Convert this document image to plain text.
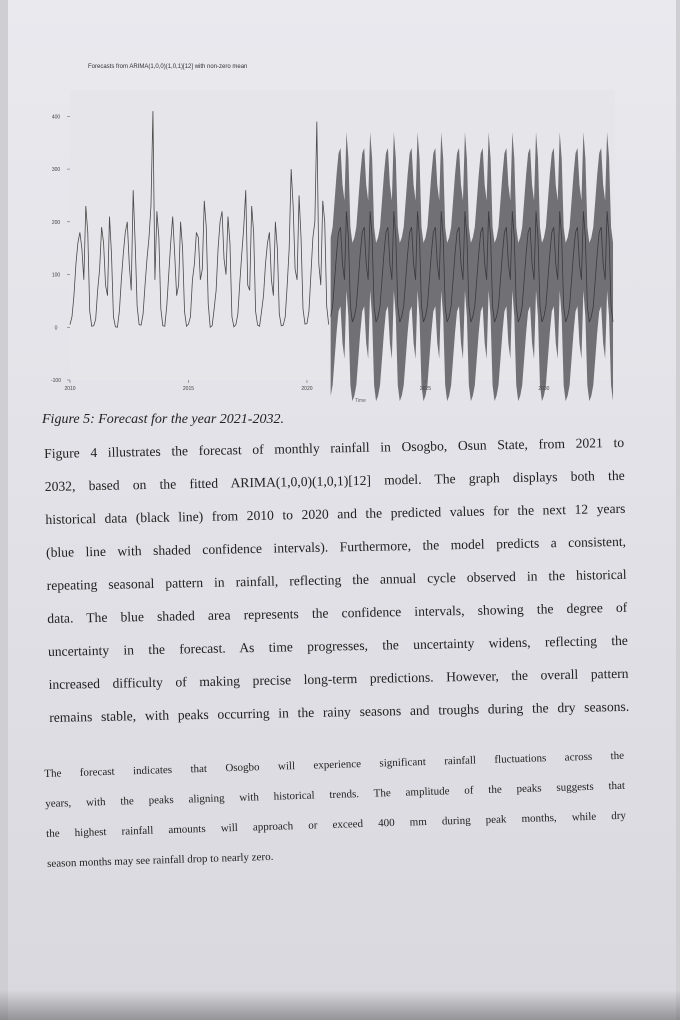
Forecasts from ARIMA(1,0,0)(1,0,1)[12] with non-zero mean
-100
0
100
200
300
400
2010	2015	2020	2025	2030
Time
Figure 5: Forecast for the year 2021-2032.
Figure 4 illustrates the forecast of monthly rainfall in Osogbo, Osun State, from 2021 to
2032, based on the fitted ARIMA(1,0,0)(1,0,1)[12] model. The graph displays both the
historical data (black line) from 2010 to 2020 and the predicted values for the next 12 years
(blue line with shaded confidence intervals). Furthermore, the model predicts a consistent,
repeating seasonal pattern in rainfall, reflecting the annual cycle observed in the historical
data. The blue shaded area represents the confidence intervals, showing the degree of
uncertainty in the forecast. As time progresses, the uncertainty widens, reflecting the
increased difficulty of making precise long-term predictions. However, the overall pattern
remains stable, with peaks occurring in the rainy seasons and troughs during the dry seasons.
The forecast indicates that Osogbo will experience significant rainfall fluctuations across the
years, with the peaks aligning with historical trends. The amplitude of the peaks suggests that
the highest rainfall amounts will approach or exceed 400 mm during peak months, while dry
season months may see rainfall drop to nearly zero.
